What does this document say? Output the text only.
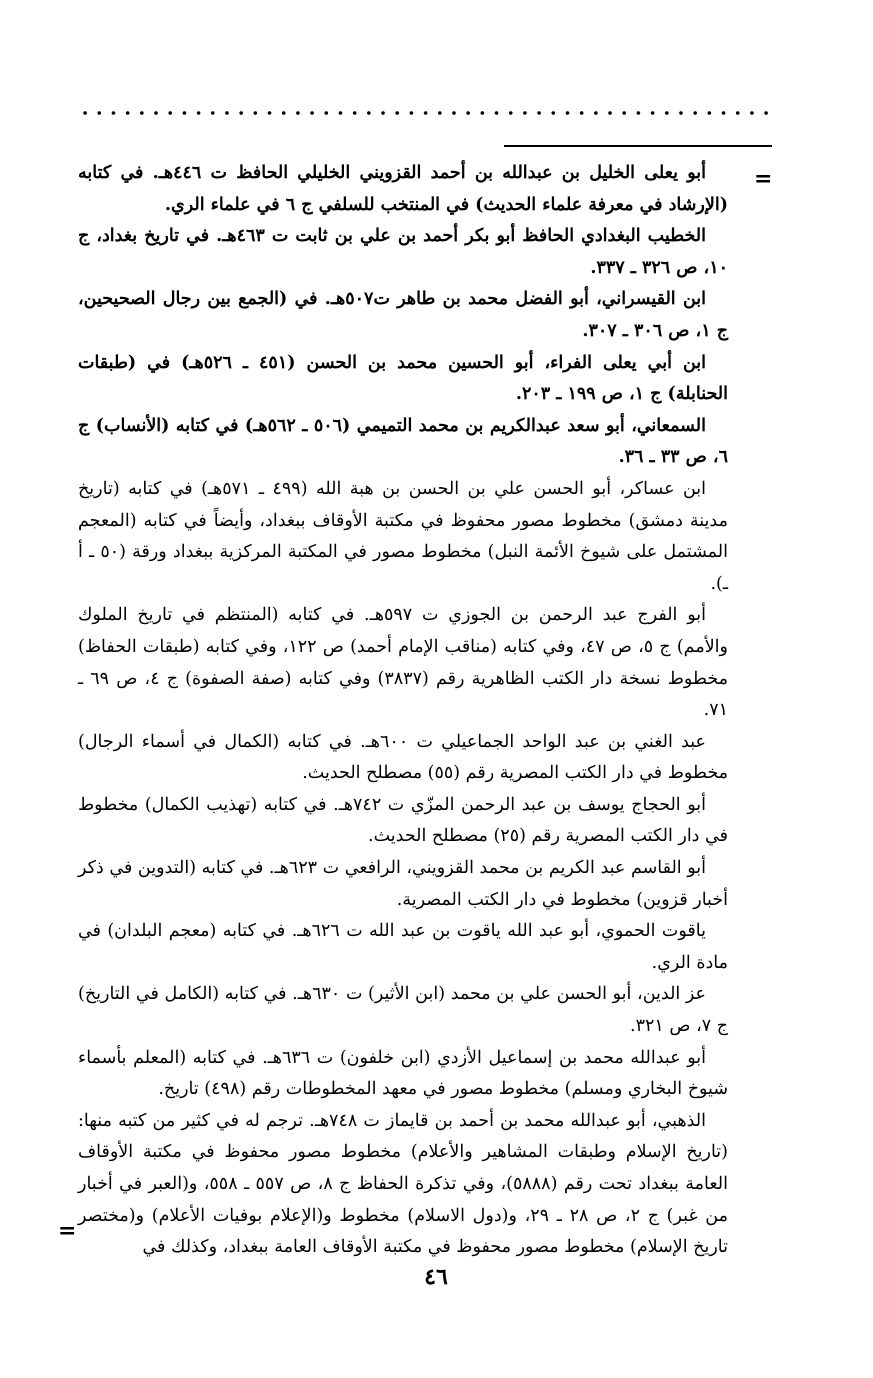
=

أبو يعلى الخليل بن عبدالله بن أحمد القزويني الخليلي الحافظ ت ٤٤٦هـ. في كتابه (الإرشاد في معرفة علماء الحديث) في المنتخب للسلفي ج ٦ في علماء الري.

الخطيب البغدادي الحافظ أبو بكر أحمد بن علي بن ثابت ت ٤٦٣هـ. في تاريخ بغداد، ج ١٠، ص ٣٢٦ ـ ٣٣٧.

ابن القيسراني، أبو الفضل محمد بن طاهر ت٥٠٧هـ. في (الجمع بين رجال الصحيحين، ج ١، ص ٣٠٦ ـ ٣٠٧.

ابن أبي يعلى الفراء، أبو الحسين محمد بن الحسن (٤٥١ ـ ٥٢٦هـ) في (طبقات الحنابلة) ج ١، ص ١٩٩ ـ ٢٠٣.

السمعاني، أبو سعد عبدالكريم بن محمد التميمي (٥٠٦ ـ ٥٦٢هـ) في كتابه (الأنساب) ج ٦، ص ٣٣ ـ ٣٦.

ابن عساكر، أبو الحسن علي بن الحسن بن هبة الله (٤٩٩ ـ ٥٧١هـ) في كتابه (تاريخ مدينة دمشق) مخطوط مصور محفوظ في مكتبة الأوقاف ببغداد، وأيضاً في كتابه (المعجم المشتمل على شيوخ الأئمة النبل) مخطوط مصور في المكتبة المركزية ببغداد ورقة (٥٠ ـ أ ـ).

أبو الفرج عبد الرحمن بن الجوزي ت ٥٩٧هـ. في كتابه (المنتظم في تاريخ الملوك والأمم) ج ٥، ص ٤٧، وفي كتابه (مناقب الإمام أحمد) ص ١٢٢، وفي كتابه (طبقات الحفاظ) مخطوط نسخة دار الكتب الظاهرية رقم (٣٨٣٧) وفي كتابه (صفة الصفوة) ج ٤، ص ٦٩ ـ ٧١.

عبد الغني بن عبد الواحد الجماعيلي ت ٦٠٠هـ. في كتابه (الكمال في أسماء الرجال) مخطوط في دار الكتب المصرية رقم (٥٥) مصطلح الحديث.

أبو الحجاج يوسف بن عبد الرحمن المزّي ت ٧٤٢هـ. في كتابه (تهذيب الكمال) مخطوط في دار الكتب المصرية رقم (٢٥) مصطلح الحديث.

أبو القاسم عبد الكريم بن محمد القزويني، الرافعي ت ٦٢٣هـ. في كتابه (التدوين في ذكر أخبار قزوين) مخطوط في دار الكتب المصرية.

ياقوت الحموي، أبو عبد الله ياقوت بن عبد الله ت ٦٢٦هـ. في كتابه (معجم البلدان) في مادة الري.

عز الدين، أبو الحسن علي بن محمد (ابن الأثير) ت ٦٣٠هـ. في كتابه (الكامل في التاريخ) ج ٧، ص ٣٢١.

أبو عبدالله محمد بن إسماعيل الأزدي (ابن خلفون) ت ٦٣٦هـ. في كتابه (المعلم بأسماء شيوخ البخاري ومسلم) مخطوط مصور في معهد المخطوطات رقم (٤٩٨) تاريخ.

الذهبي، أبو عبدالله محمد بن أحمد بن قايماز ت ٧٤٨هـ. ترجم له في كثير من كتبه منها: (تاريخ الإسلام وطبقات المشاهير والأعلام) مخطوط مصور محفوظ في مكتبة الأوقاف العامة ببغداد تحت رقم (٥٨٨٨)، وفي تذكرة الحفاظ ج ٨، ص ٥٥٧ ـ ٥٥٨، و(العبر في أخبار من غبر) ج ٢، ص ٢٨ ـ ٢٩، و(دول الاسلام) مخطوط و(الإعلام بوفيات الأعلام) و(مختصر تاريخ الإسلام) مخطوط مصور محفوظ في مكتبة الأوقاف العامة ببغداد، وكذلك في

=
٤٦
